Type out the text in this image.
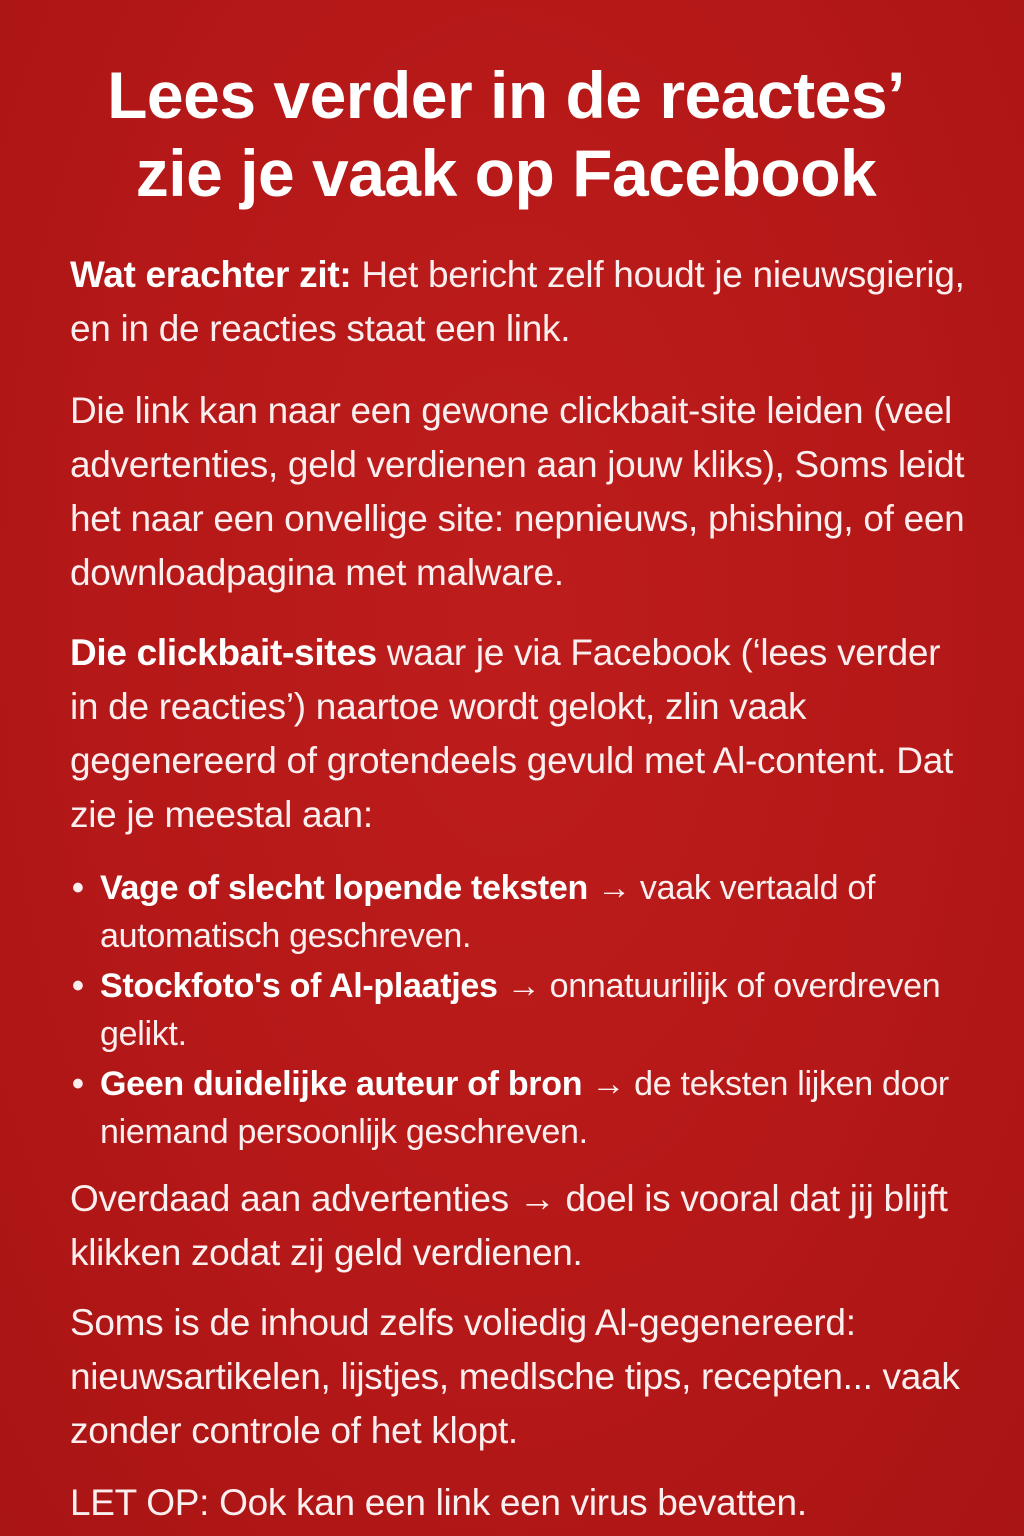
Lees verder in de reactes’
zie je vaak op Facebook

Wat erachter zit: Het bericht zelf houdt je nieuwsgierig, en in de reacties staat een link.

Die link kan naar een gewone clickbait-site leiden (veel advertenties, geld verdienen aan jouw kliks), Soms leidt het naar een onvellige site: nepnieuws, phishing, of een downloadpagina met malware.

Die clickbait-sites waar je via Facebook (‘lees verder in de reacties’) naartoe wordt gelokt, zlin vaak gegenereerd of grotendeels gevuld met Al-content. Dat zie je meestal aan:

• Vage of slecht lopende teksten → vaak vertaald of automatisch geschreven.
• Stockfoto's of Al-plaatjes → onnatuurilijk of overdreven gelikt.
• Geen duidelijke auteur of bron → de teksten lijken door niemand persoonlijk geschreven.

Overdaad aan advertenties → doel is vooral dat jij blijft klikken zodat zij geld verdienen.

Soms is de inhoud zelfs voliedig Al-gegenereerd: nieuwsartikelen, lijstjes, medlsche tips, recepten... vaak zonder controle of het klopt.

LET OP: Ook kan een link een virus bevatten.
